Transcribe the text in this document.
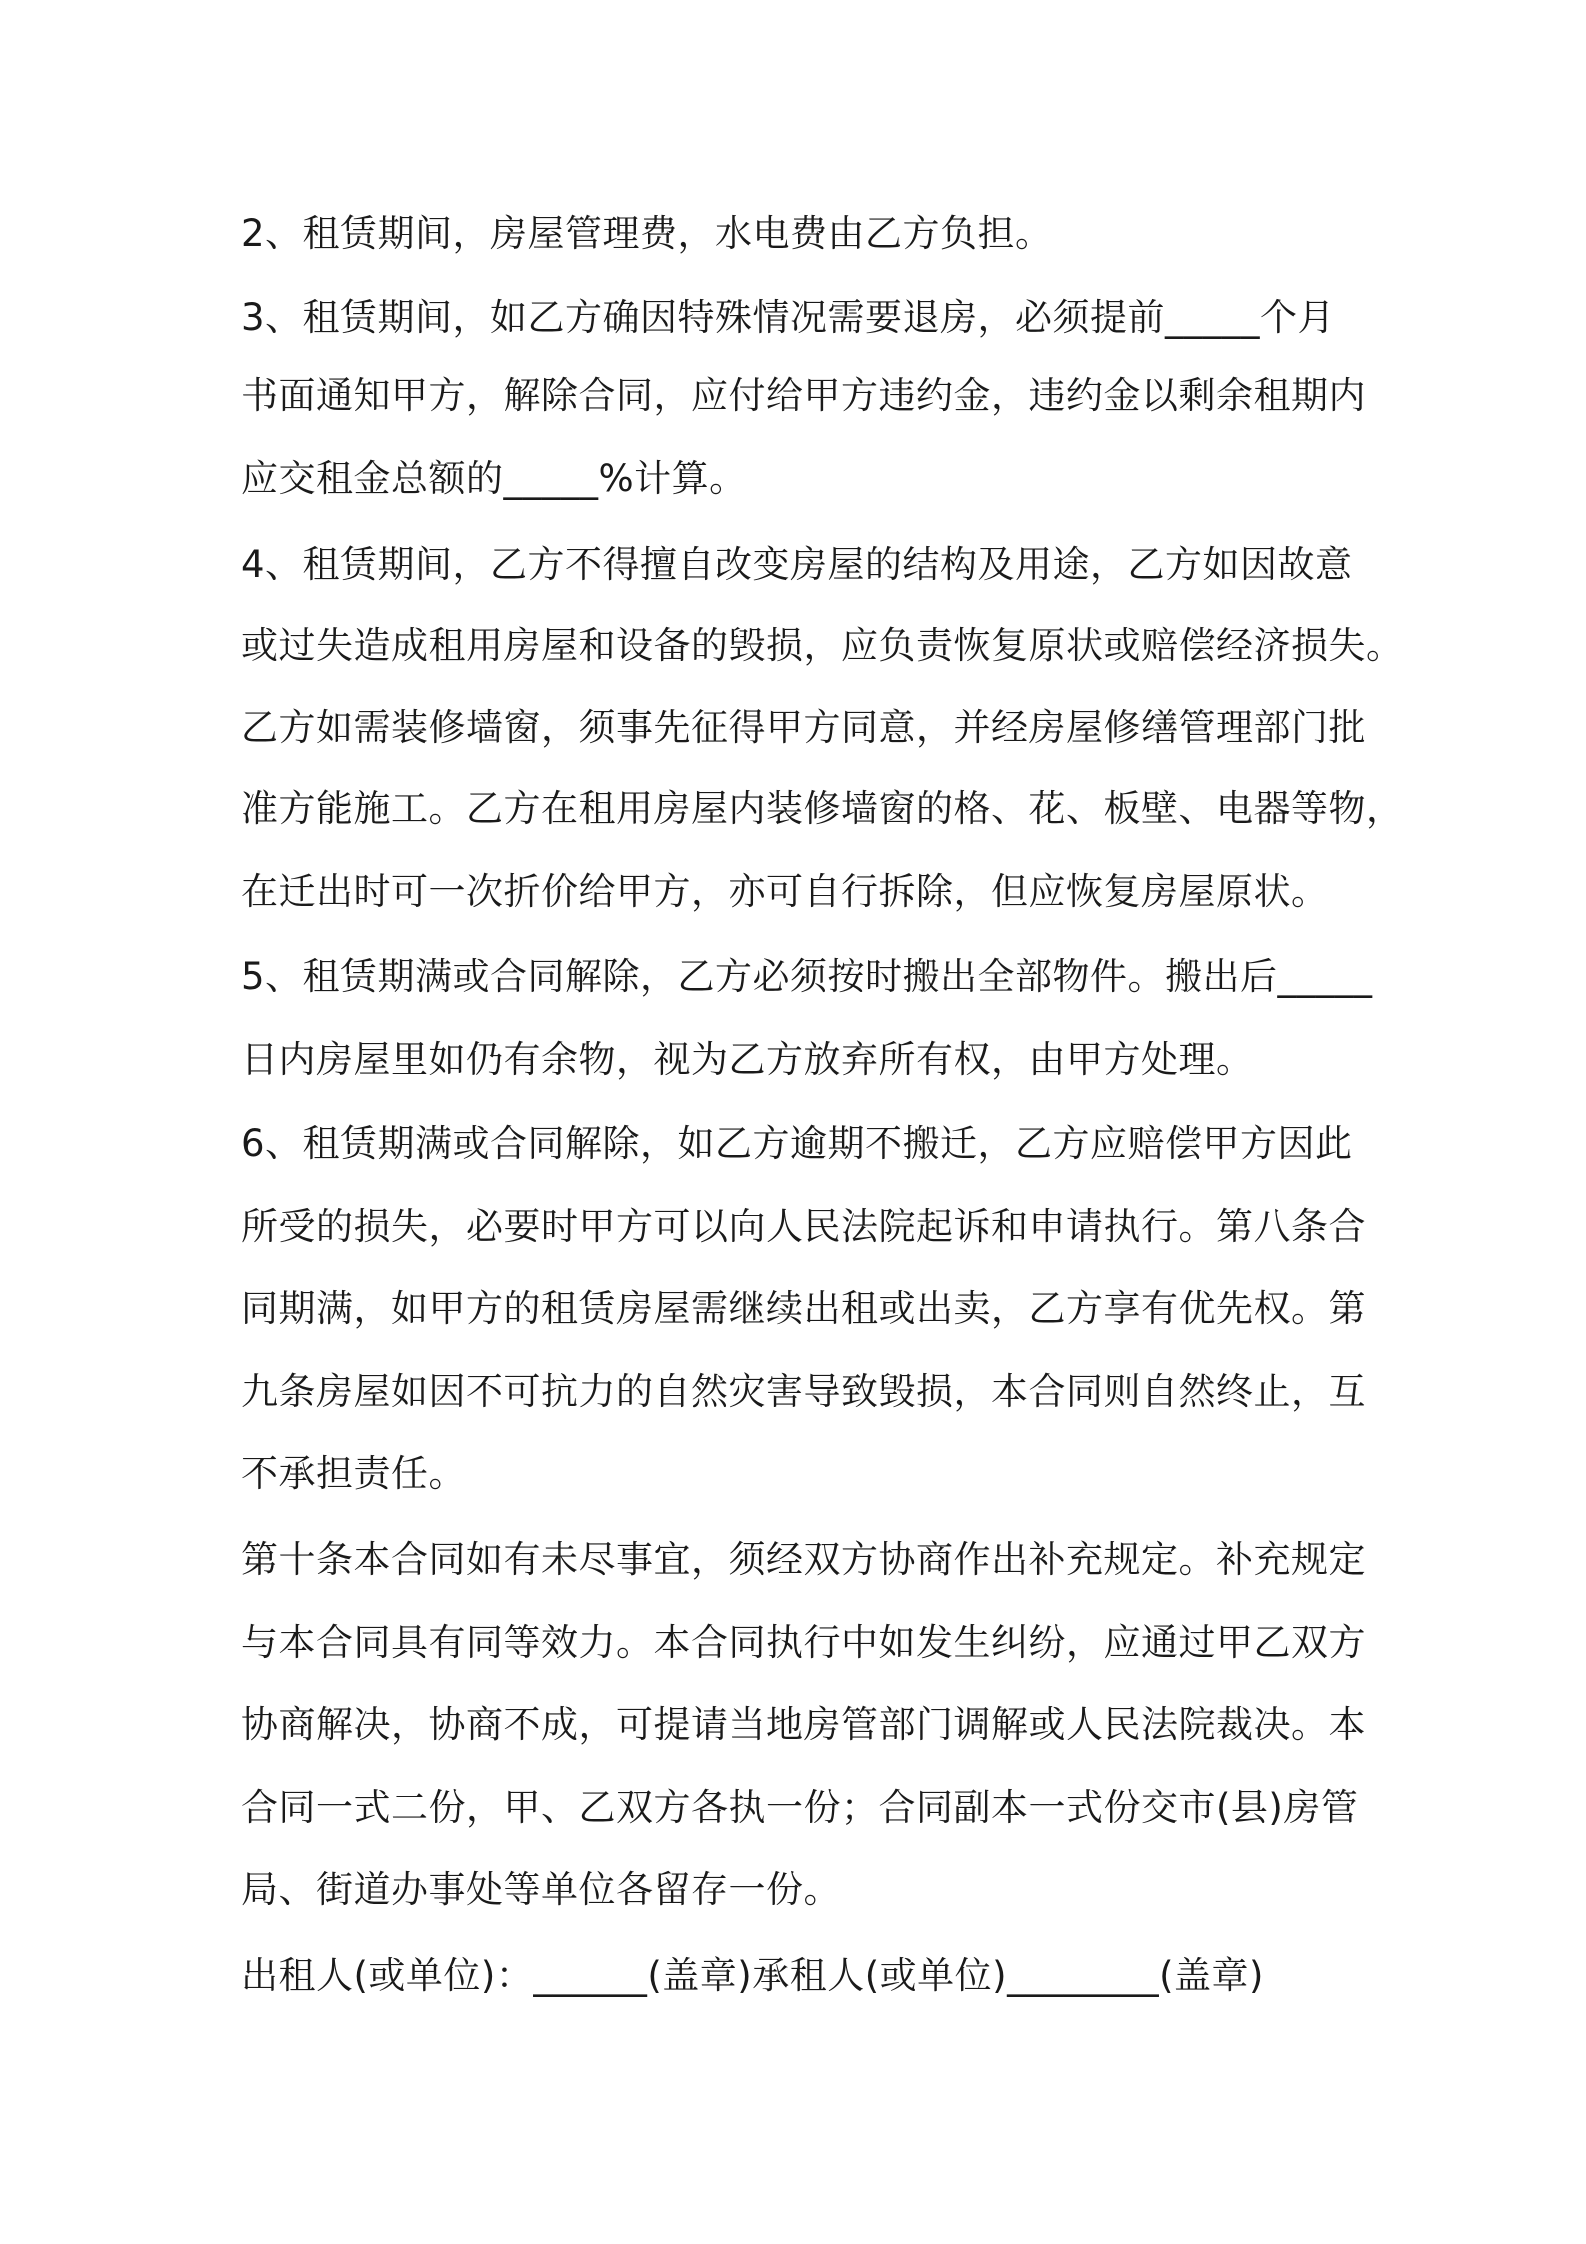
2、租赁期间，房屋管理费，水电费由乙方负担。
3、租赁期间，如乙方确因特殊情况需要退房，必须提前_____个月
书面通知甲方，解除合同，应付给甲方违约金，违约金以剩余租期内
应交租金总额的_____%计算。
4、租赁期间，乙方不得擅自改变房屋的结构及用途，乙方如因故意
或过失造成租用房屋和设备的毁损，应负责恢复原状或赔偿经济损失。
乙方如需装修墙窗，须事先征得甲方同意，并经房屋修缮管理部门批
准方能施工。乙方在租用房屋内装修墙窗的格、花、板壁、电器等物，
在迁出时可一次折价给甲方，亦可自行拆除，但应恢复房屋原状。
5、租赁期满或合同解除，乙方必须按时搬出全部物件。搬出后_____
日内房屋里如仍有余物，视为乙方放弃所有权，由甲方处理。
6、租赁期满或合同解除，如乙方逾期不搬迁，乙方应赔偿甲方因此
所受的损失，必要时甲方可以向人民法院起诉和申请执行。第八条合
同期满，如甲方的租赁房屋需继续出租或出卖，乙方享有优先权。第
九条房屋如因不可抗力的自然灾害导致毁损，本合同则自然终止，互
不承担责任。
第十条本合同如有未尽事宜，须经双方协商作出补充规定。补充规定
与本合同具有同等效力。本合同执行中如发生纠纷，应通过甲乙双方
协商解决，协商不成，可提请当地房管部门调解或人民法院裁决。本
合同一式二份，甲、乙双方各执一份；合同副本一式份交市(县)房管
局、街道办事处等单位各留存一份。
出租人(或单位)：______(盖章)承租人(或单位)________(盖章)
